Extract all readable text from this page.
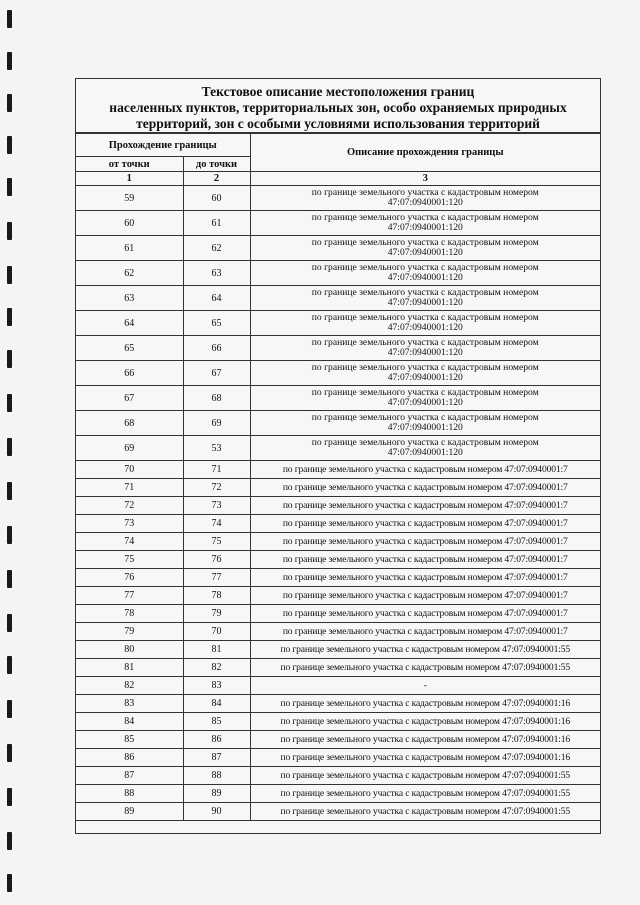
Текстовое описание местоположения границ
населенных пунктов, территориальных зон, особо охраняемых природных
территорий, зон с особыми условиями использования территорий
Прохождение границы		Описание прохождения границы
от точки	до точки	
1	2	3
59	60	по границе земельного участка с кадастровым номером
47:07:0940001:120

60	61	по границе земельного участка с кадастровым номером
47:07:0940001:120

61	62	по границе земельного участка с кадастровым номером
47:07:0940001:120

62	63	по границе земельного участка с кадастровым номером
47:07:0940001:120

63	64	по границе земельного участка с кадастровым номером
47:07:0940001:120

64	65	по границе земельного участка с кадастровым номером
47:07:0940001:120

65	66	по границе земельного участка с кадастровым номером
47:07:0940001:120

66	67	по границе земельного участка с кадастровым номером
47:07:0940001:120

67	68	по границе земельного участка с кадастровым номером
47:07:0940001:120

68	69	по границе земельного участка с кадастровым номером
47:07:0940001:120

69	53	по границе земельного участка с кадастровым номером
47:07:0940001:120

70	71	по границе земельного участка с кадастровым номером 47:07:0940001:7

71	72	по границе земельного участка с кадастровым номером 47:07:0940001:7

72	73	по границе земельного участка с кадастровым номером 47:07:0940001:7

73	74	по границе земельного участка с кадастровым номером 47:07:0940001:7

74	75	по границе земельного участка с кадастровым номером 47:07:0940001:7

75	76	по границе земельного участка с кадастровым номером 47:07:0940001:7

76	77	по границе земельного участка с кадастровым номером 47:07:0940001:7

77	78	по границе земельного участка с кадастровым номером 47:07:0940001:7

78	79	по границе земельного участка с кадастровым номером 47:07:0940001:7

79	70	по границе земельного участка с кадастровым номером 47:07:0940001:7

80	81	по границе земельного участка с кадастровым номером 47:07:0940001:55

81	82	по границе земельного участка с кадастровым номером 47:07:0940001:55

82	83	-

83	84	по границе земельного участка с кадастровым номером 47:07:0940001:16

84	85	по границе земельного участка с кадастровым номером 47:07:0940001:16

85	86	по границе земельного участка с кадастровым номером 47:07:0940001:16

86	87	по границе земельного участка с кадастровым номером 47:07:0940001:16

87	88	по границе земельного участка с кадастровым номером 47:07:0940001:55

88	89	по границе земельного участка с кадастровым номером 47:07:0940001:55

89	90	по границе земельного участка с кадастровым номером 47:07:0940001:55
